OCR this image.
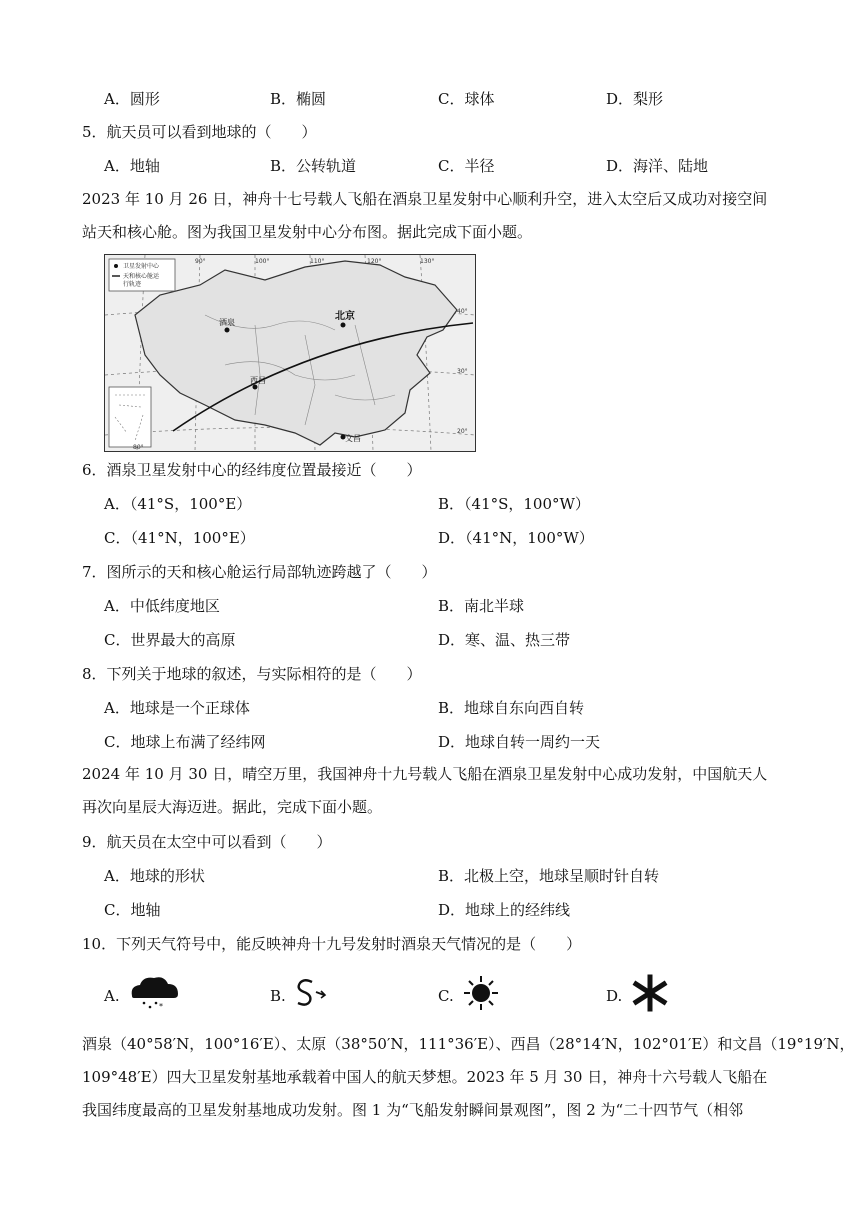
A．圆形	B．椭圆	C．球体	D．梨形
5．航天员可以看到地球的（　　）
A．地轴	B．公转轨道	C．半径	D．海洋、陆地
2023 年 10 月 26 日，神舟十七号载人飞船在酒泉卫星发射中心顺利升空，进入太空后又成功对接空间
站天和核心舱。图为我国卫星发射中心分布图。据此完成下面小题。
卫星发射中心
天和核心舱运
行轨迹
酒泉
北京
西昌
文昌
90°	100°	110°	120°	130°
80°
40°
30°
20°
6．酒泉卫星发射中心的经纬度位置最接近（　　）
A．（41°S，100°E）	B．（41°S，100°W）
C．（41°N，100°E）	D．（41°N，100°W）
7．图所示的天和核心舱运行局部轨迹跨越了（　　）
A．中低纬度地区	B．南北半球
C．世界最大的高原	D．寒、温、热三带
8．下列关于地球的叙述，与实际相符的是（　　）
A．地球是一个正球体	B．地球自东向西自转
C．地球上布满了经纬网	D．地球自转一周约一天
2024 年 10 月 30 日，晴空万里，我国神舟十九号载人飞船在酒泉卫星发射中心成功发射，中国航天人
再次向星辰大海迈进。据此，完成下面小题。
9．航天员在太空中可以看到（　　）
A．地球的形状	B．北极上空，地球呈顺时针自转
C．地轴	D．地球上的经纬线
10．下列天气符号中，能反映神舟十九号发射时酒泉天气情况的是（　　）
A.
*
B.	C.	D.
酒泉（40°58′N，100°16′E）、太原（38°50′N，111°36′E）、西昌（28°14′N，102°01′E）和文昌（19°19′N，
109°48′E）四大卫星发射基地承载着中国人的航天梦想。2023 年 5 月 30 日，神舟十六号载人飞船在
我国纬度最高的卫星发射基地成功发射。图 1 为“飞船发射瞬间景观图”，图 2 为“二十四节气（相邻
